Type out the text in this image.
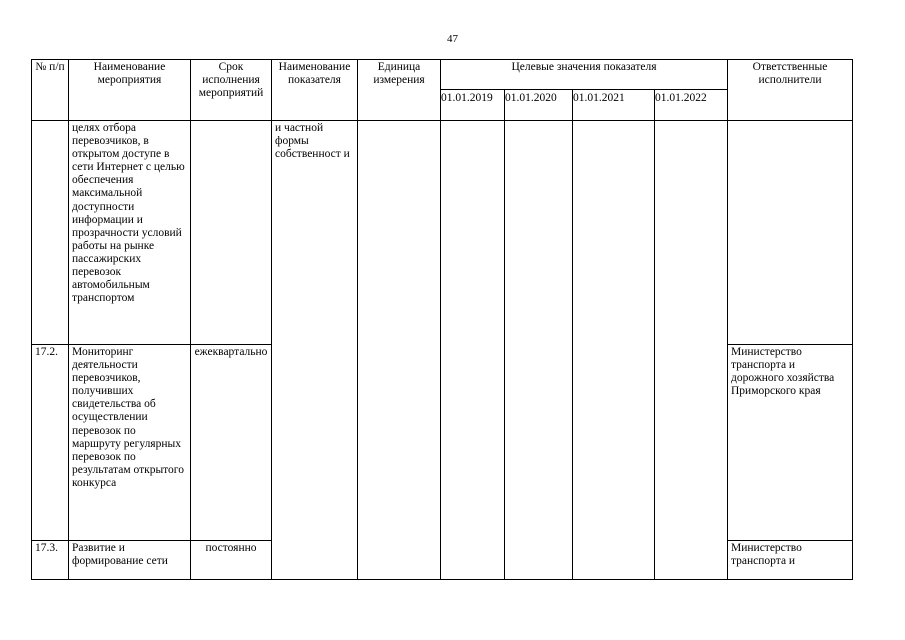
47
№ п/п	Наименование мероприятия	Срок исполнения мероприятий	Наименование показателя	Единица измерения	Целевые значения показателя				Ответственные исполнители
					01.01.2019	01.01.2020	01.01.2021	01.01.2022	
	целях отбора перевозчиков, в открытом доступе в сети Интернет с целью обеспечения максимальной доступности информации и прозрачности условий работы на рынке пассажирских перевозок автомобильным транспортом		и частной формы собственност и						
17.2.	Мониторинг деятельности перевозчиков, получивших свидетельства об осуществлении перевозок по маршруту регулярных перевозок по результатам открытого конкурса	ежеквартально							Министерство транспорта и дорожного хозяйства Приморского края
17.3.	Развитие и формирование сети	постоянно							Министерство транспорта и
